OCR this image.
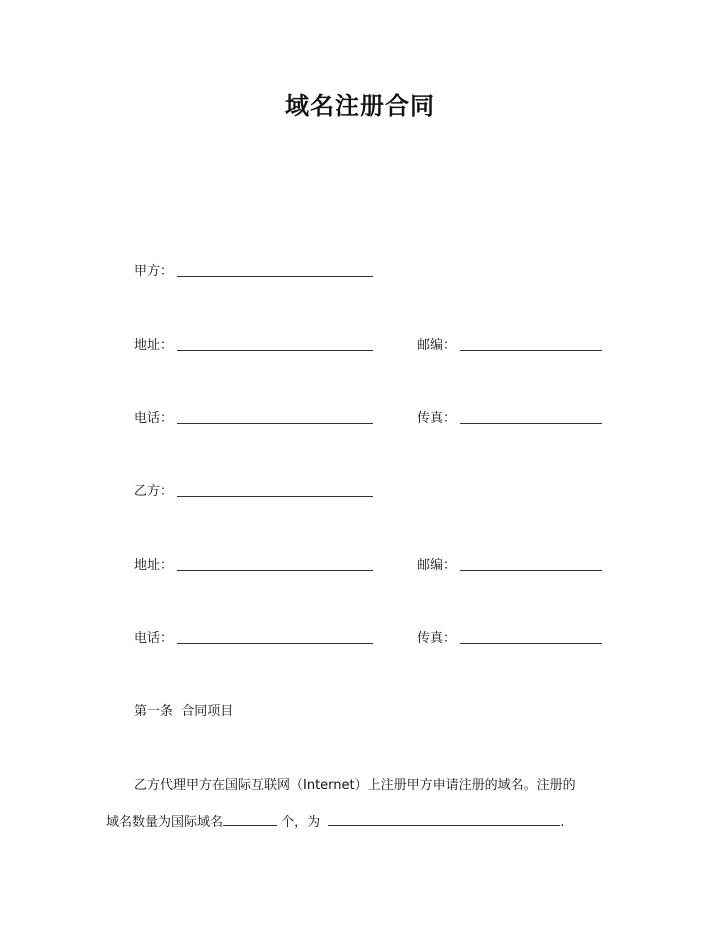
域名注册合同
甲方：
地址：	邮编：
电话：	传真：
乙方：
地址：	邮编：
电话：	传真：
第一条  合同项目
乙方代理甲方在国际互联网（Internet）上注册甲方申请注册的域名。注册的
域名数量为国际域名	个，为	.
